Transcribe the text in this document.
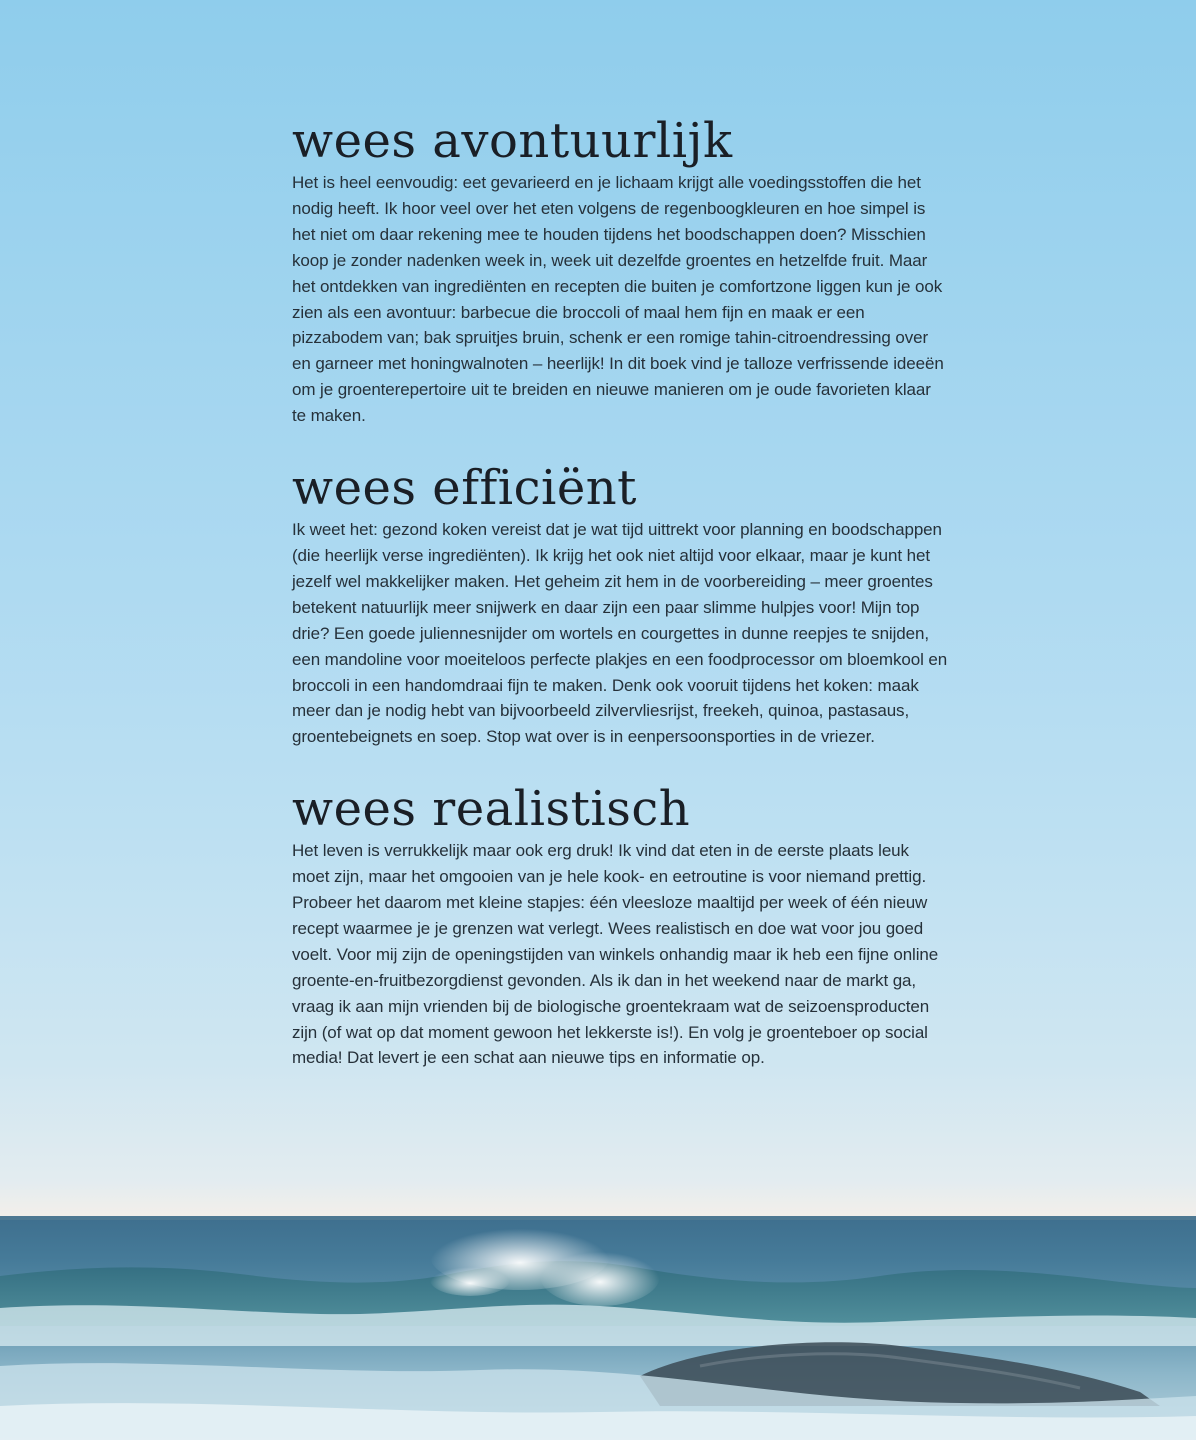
wees avontuurlijk

Het is heel eenvoudig: eet gevarieerd en je lichaam krijgt alle voedingsstoffen die het nodig heeft. Ik hoor veel over het eten volgens de regenboogkleuren en hoe simpel is het niet om daar rekening mee te houden tijdens het boodschappen doen? Misschien koop je zonder nadenken week in, week uit dezelfde groentes en hetzelfde fruit. Maar het ontdekken van ingrediënten en recepten die buiten je comfortzone liggen kun je ook zien als een avontuur: barbecue die broccoli of maal hem fijn en maak er een pizzabodem van; bak spruitjes bruin, schenk er een romige tahin-citroendressing over en garneer met honingwalnoten – heerlijk! In dit boek vind je talloze verfrissende ideeën om je groenterepertoire uit te breiden en nieuwe manieren om je oude favorieten klaar te maken.

wees efficiënt

Ik weet het: gezond koken vereist dat je wat tijd uittrekt voor planning en boodschappen (die heerlijk verse ingrediënten). Ik krijg het ook niet altijd voor elkaar, maar je kunt het jezelf wel makkelijker maken. Het geheim zit hem in de voorbereiding – meer groentes betekent natuurlijk meer snijwerk en daar zijn een paar slimme hulpjes voor! Mijn top drie? Een goede juliennesnijder om wortels en courgettes in dunne reepjes te snijden, een mandoline voor moeiteloos perfecte plakjes en een foodprocessor om bloemkool en broccoli in een handomdraai fijn te maken. Denk ook vooruit tijdens het koken: maak meer dan je nodig hebt van bijvoorbeeld zilvervliesrijst, freekeh, quinoa, pastasaus, groentebeignets en soep. Stop wat over is in eenpersoonsporties in de vriezer.

wees realistisch

Het leven is verrukkelijk maar ook erg druk! Ik vind dat eten in de eerste plaats leuk moet zijn, maar het omgooien van je hele kook- en eetroutine is voor niemand prettig. Probeer het daarom met kleine stapjes: één vleesloze maaltijd per week of één nieuw recept waarmee je je grenzen wat verlegt. Wees realistisch en doe wat voor jou goed voelt. Voor mij zijn de openingstijden van winkels onhandig maar ik heb een fijne online groente-en-fruitbezorgdienst gevonden. Als ik dan in het weekend naar de markt ga, vraag ik aan mijn vrienden bij de biologische groentekraam wat de seizoensproducten zijn (of wat op dat moment gewoon het lekkerste is!). En volg je groenteboer op social media! Dat levert je een schat aan nieuwe tips en informatie op.
